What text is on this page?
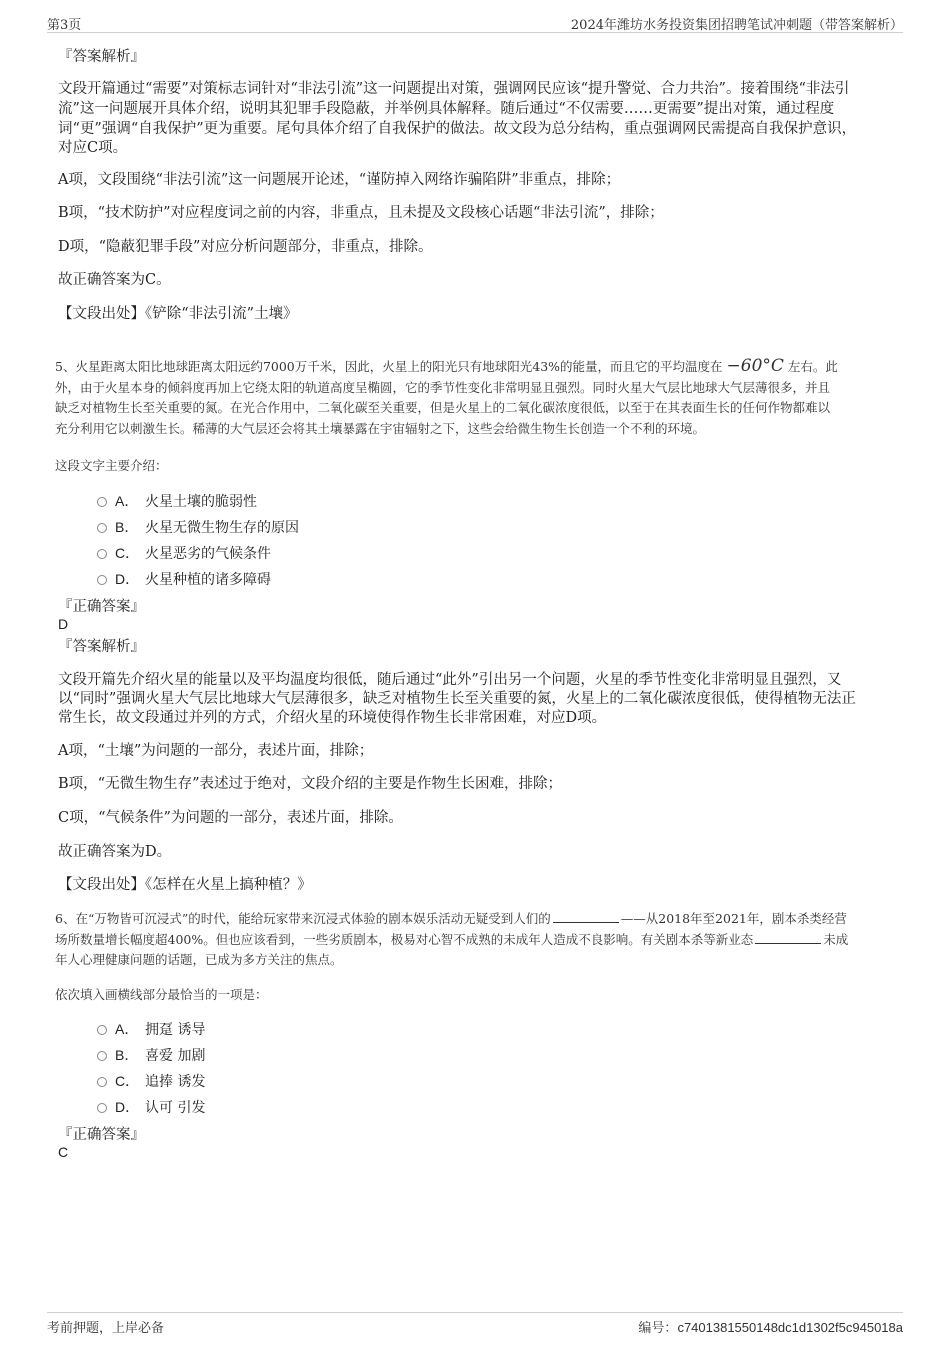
第3页	2024年潍坊水务投资集团招聘笔试冲刺题（带答案解析）
『答案解析』
文段开篇通过“需要”对策标志词针对“非法引流”这一问题提出对策，强调网民应该“提升警觉、合力共治”。接着围绕“非法引
流”这一问题展开具体介绍，说明其犯罪手段隐蔽，并举例具体解释。随后通过“不仅需要……更需要”提出对策，通过程度
词“更”强调“自我保护”更为重要。尾句具体介绍了自我保护的做法。故文段为总分结构，重点强调网民需提高自我保护意识，
对应C项。
A项，文段围绕“非法引流”这一问题展开论述，“谨防掉入网络诈骗陷阱”非重点，排除；
B项，“技术防护”对应程度词之前的内容，非重点，且未提及文段核心话题“非法引流”，排除；
D项，“隐蔽犯罪手段”对应分析问题部分，非重点，排除。
故正确答案为C。
【文段出处】《铲除“非法引流”土壤》
5、火星距离太阳比地球距离太阳远约7000万千米，因此，火星上的阳光只有地球阳光43%的能量，而且它的平均温度在 −60°C 左右。此
外，由于火星本身的倾斜度再加上它绕太阳的轨道高度呈椭圆，它的季节性变化非常明显且强烈。同时火星大气层比地球大气层薄很多，并且
缺乏对植物生长至关重要的氮。在光合作用中，二氧化碳至关重要，但是火星上的二氧化碳浓度很低，以至于在其表面生长的任何作物都难以
充分利用它以刺激生长。稀薄的大气层还会将其土壤暴露在宇宙辐射之下，这些会给微生物生长创造一个不利的环境。
这段文字主要介绍：
A． 火星土壤的脆弱性
B． 火星无微生物生存的原因
C． 火星恶劣的气候条件
D． 火星种植的诸多障碍
『正确答案』
D
『答案解析』
文段开篇先介绍火星的能量以及平均温度均很低，随后通过“此外”引出另一个问题，火星的季节性变化非常明显且强烈，又
以“同时”强调火星大气层比地球大气层薄很多，缺乏对植物生长至关重要的氮，火星上的二氧化碳浓度很低，使得植物无法正
常生长，故文段通过并列的方式，介绍火星的环境使得作物生长非常困难，对应D项。
A项，“土壤”为问题的一部分，表述片面，排除；
B项，“无微生物生存”表述过于绝对，文段介绍的主要是作物生长困难，排除；
C项，“气候条件”为问题的一部分，表述片面，排除。
故正确答案为D。
【文段出处】《怎样在火星上搞种植？》
6、在“万物皆可沉浸式”的时代，能给玩家带来沉浸式体验的剧本娱乐活动无疑受到人们的	——从2018年至2021年，剧本杀类经营
场所数量增长幅度超400%。但也应该看到，一些劣质剧本，极易对心智不成熟的未成年人造成不良影响。有关剧本杀等新业态	未成
年人心理健康问题的话题，已成为多方关注的焦点。
依次填入画横线部分最恰当的一项是：
A． 拥趸 诱导
B． 喜爱 加剧
C． 追捧 诱发
D． 认可 引发
『正确答案』
C
考前押题，上岸必备	编号：c7401381550148dc1d1302f5c945018a
